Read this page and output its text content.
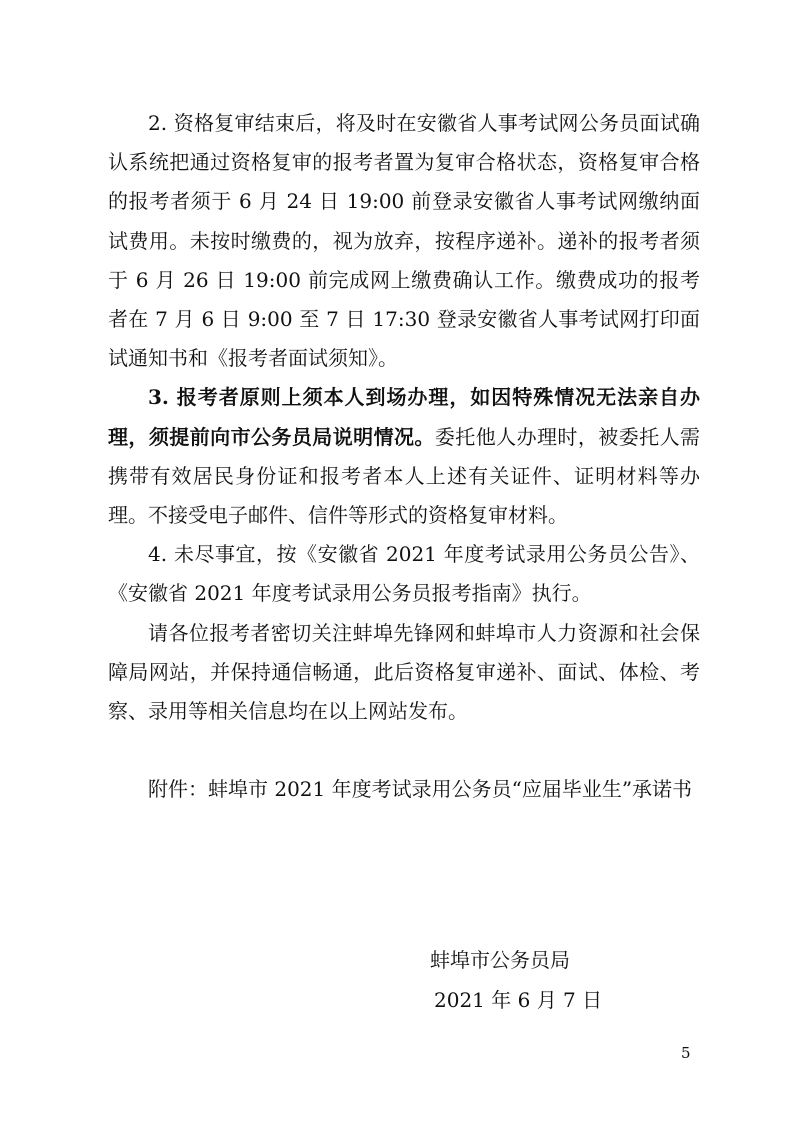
2. 资格复审结束后，将及时在安徽省人事考试网公务员面试确认系统把通过资格复审的报考者置为复审合格状态，资格复审合格的报考者须于 6 月 24 日 19:00 前登录安徽省人事考试网缴纳面试费用。未按时缴费的，视为放弃，按程序递补。递补的报考者须于 6 月 26 日 19:00 前完成网上缴费确认工作。缴费成功的报考者在 7 月 6 日 9:00 至 7 日 17:30 登录安徽省人事考试网打印面试通知书和《报考者面试须知》。

3. 报考者原则上须本人到场办理，如因特殊情况无法亲自办理，须提前向市公务员局说明情况。委托他人办理时，被委托人需携带有效居民身份证和报考者本人上述有关证件、证明材料等办理。不接受电子邮件、信件等形式的资格复审材料。

4. 未尽事宜，按《安徽省 2021 年度考试录用公务员公告》、《安徽省 2021 年度考试录用公务员报考指南》执行。

请各位报考者密切关注蚌埠先锋网和蚌埠市人力资源和社会保障局网站，并保持通信畅通，此后资格复审递补、面试、体检、考察、录用等相关信息均在以上网站发布。

附件：蚌埠市 2021 年度考试录用公务员“应届毕业生”承诺书

蚌埠市公务员局
2021 年 6 月 7 日
5
